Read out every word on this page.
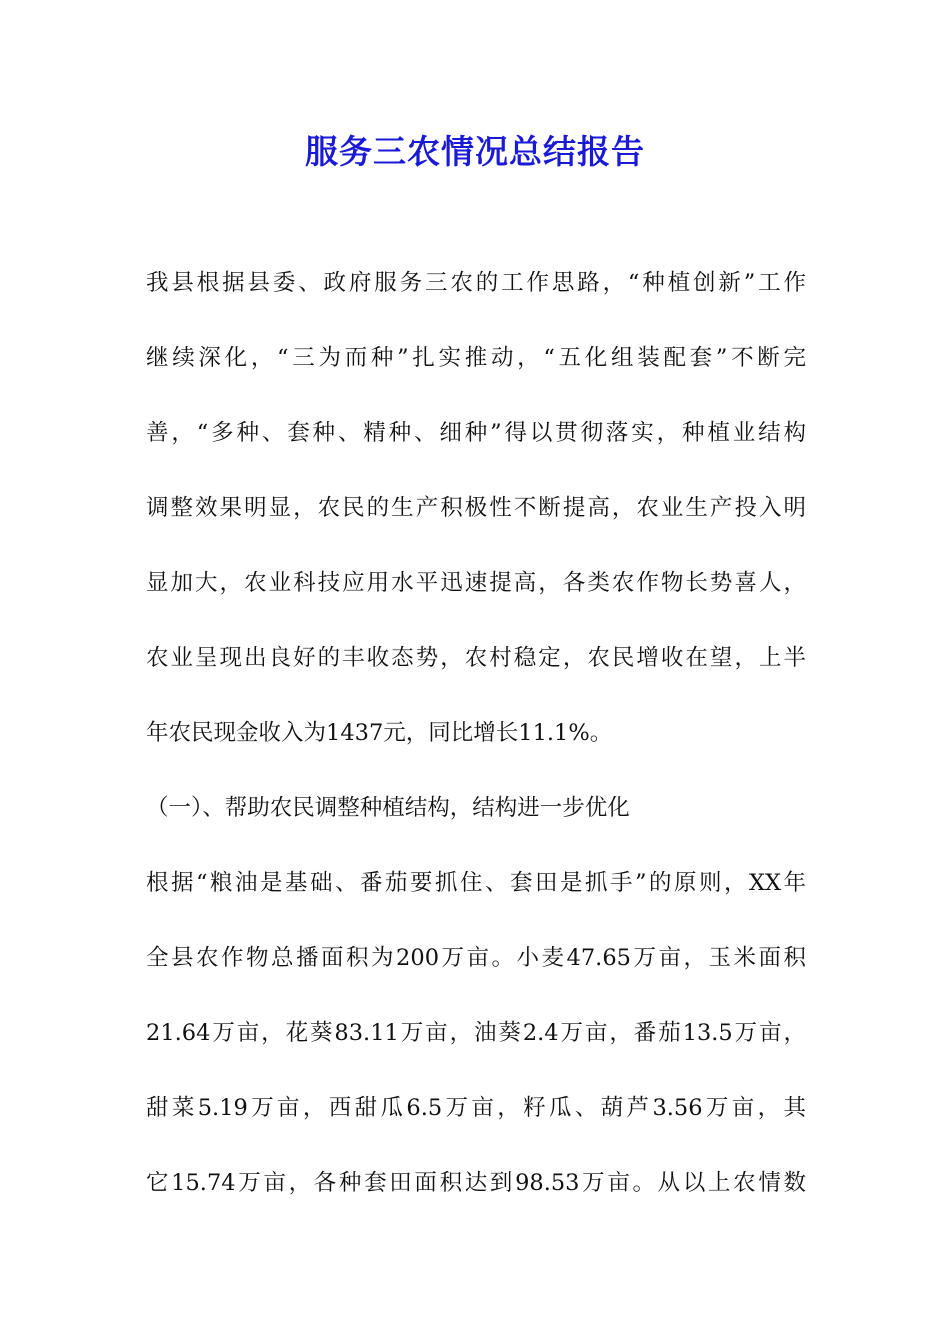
服务三农情况总结报告
我县根据县委、政府服务三农的工作思路，“种植创新”工作
继续深化，“三为而种”扎实推动，“五化组装配套”不断完
善，“多种、套种、精种、细种”得以贯彻落实，种植业结构
调整效果明显，农民的生产积极性不断提高，农业生产投入明
显加大，农业科技应用水平迅速提高，各类农作物长势喜人，
农业呈现出良好的丰收态势，农村稳定，农民增收在望，上半
年农民现金收入为1437元，同比增长11.1%。
（一）、帮助农民调整种植结构，结构进一步优化
根据“粮油是基础、番茄要抓住、套田是抓手”的原则，XX年
全县农作物总播面积为200万亩。小麦47.65万亩，玉米面积
21.64万亩，花葵83.11万亩，油葵2.4万亩，番茄13.5万亩，
甜菜5.19万亩，西甜瓜6.5万亩，籽瓜、葫芦3.56万亩，其
它15.74万亩，各种套田面积达到98.53万亩。从以上农情数
